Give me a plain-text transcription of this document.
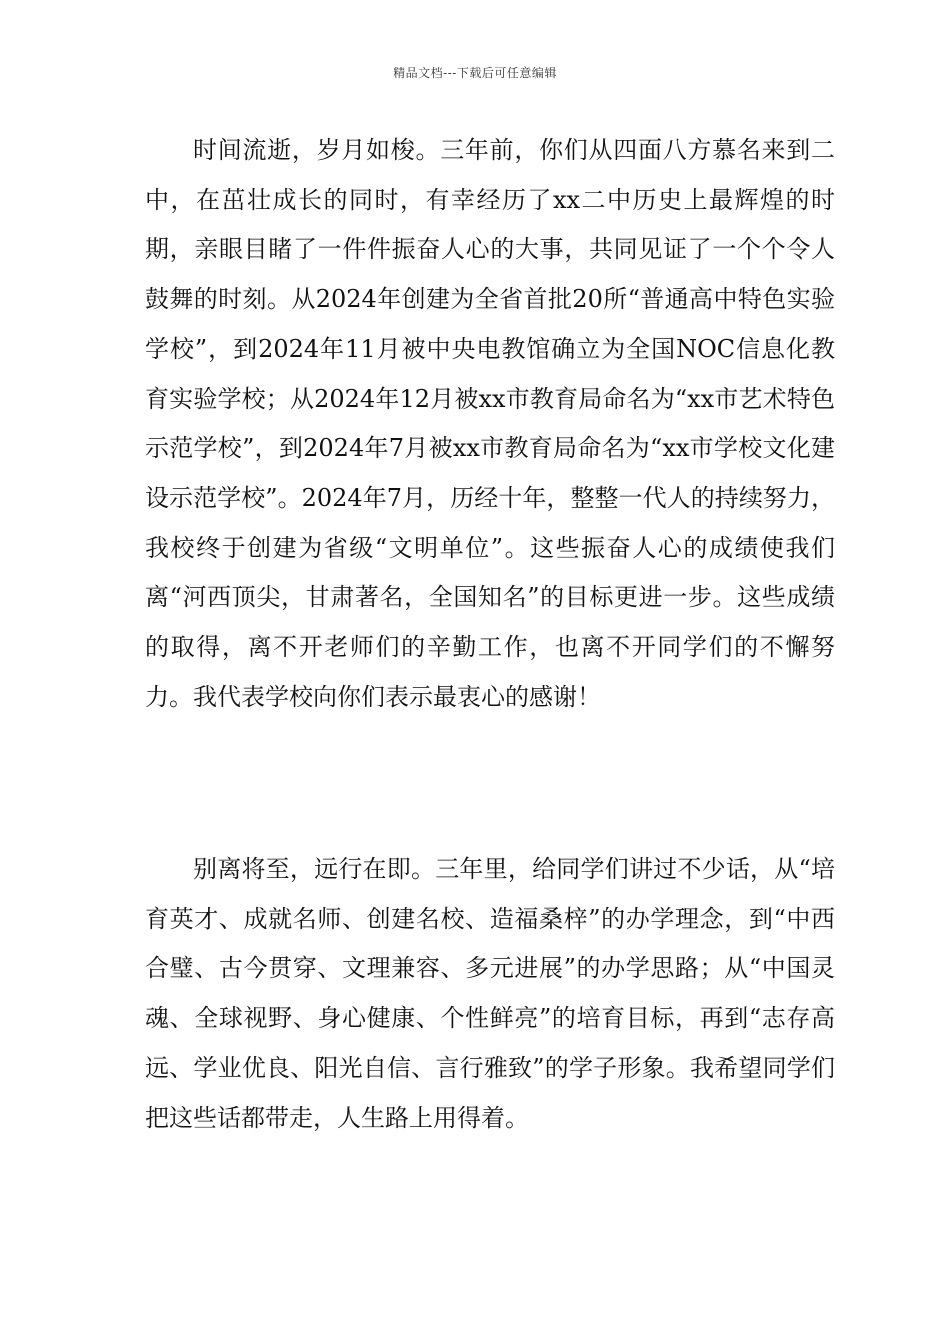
精品文档---下载后可任意编辑

时间流逝，岁月如梭。三年前，你们从四面八方慕名来到二中，在茁壮成长的同时，有幸经历了xx二中历史上最辉煌的时期，亲眼目睹了一件件振奋人心的大事，共同见证了一个个令人鼓舞的时刻。从2024年创建为全省首批20所“普通高中特色实验学校”，到2024年11月被中央电教馆确立为全国NOC信息化教育实验学校；从2024年12月被xx市教育局命名为“xx市艺术特色示范学校”，到2024年7月被xx市教育局命名为“xx市学校文化建设示范学校”。2024年7月，历经十年，整整一代人的持续努力，我校终于创建为省级“文明单位”。这些振奋人心的成绩使我们离“河西顶尖，甘肃著名，全国知名”的目标更进一步。这些成绩的取得，离不开老师们的辛勤工作，也离不开同学们的不懈努力。我代表学校向你们表示最衷心的感谢！

别离将至，远行在即。三年里，给同学们讲过不少话，从“培育英才、成就名师、创建名校、造福桑梓”的办学理念，到“中西合璧、古今贯穿、文理兼容、多元进展”的办学思路；从“中国灵魂、全球视野、身心健康、个性鲜亮”的培育目标，再到“志存高远、学业优良、阳光自信、言行雅致”的学子形象。我希望同学们把这些话都带走，人生路上用得着。
